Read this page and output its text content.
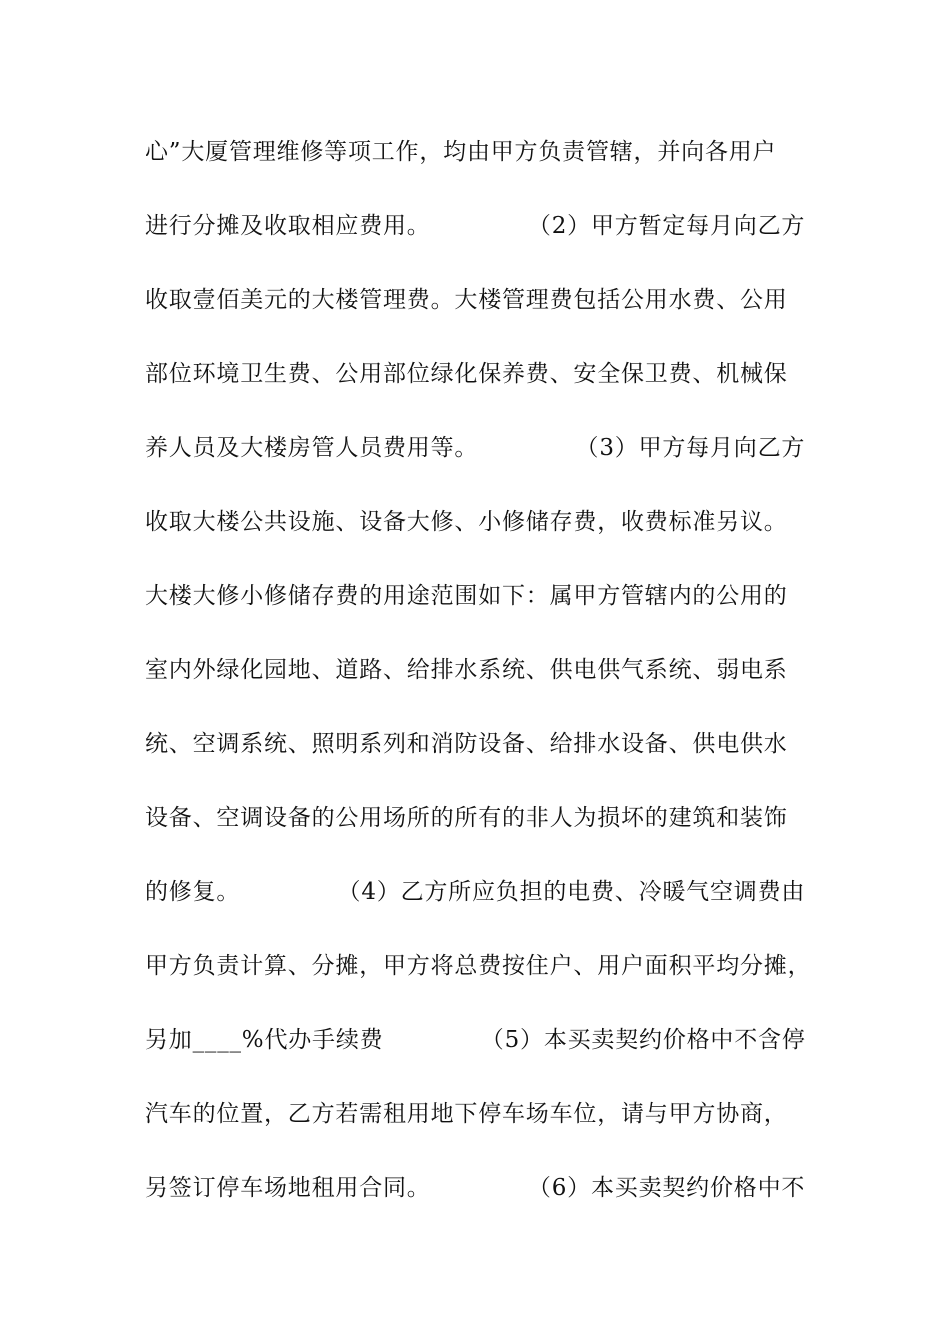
心”大厦管理维修等项工作，均由甲方负责管辖，并向各用户
进行分摊及收取相应费用。            （2）甲方暂定每月向乙方
收取壹佰美元的大楼管理费。大楼管理费包括公用水费、公用
部位环境卫生费、公用部位绿化保养费、安全保卫费、机械保
养人员及大楼房管人员费用等。            （3）甲方每月向乙方
收取大楼公共设施、设备大修、小修储存费，收费标准另议。
大楼大修小修储存费的用途范围如下：属甲方管辖内的公用的
室内外绿化园地、道路、给排水系统、供电供气系统、弱电系
统、空调系统、照明系列和消防设备、给排水设备、供电供水
设备、空调设备的公用场所的所有的非人为损坏的建筑和装饰
的修复。            （4）乙方所应负担的电费、冷暖气空调费由
甲方负责计算、分摊，甲方将总费按住户、用户面积平均分摊，
另加____%代办手续费            （5）本买卖契约价格中不含停
汽车的位置，乙方若需租用地下停车场车位，请与甲方协商，
另签订停车场地租用合同。            （6）本买卖契约价格中不
